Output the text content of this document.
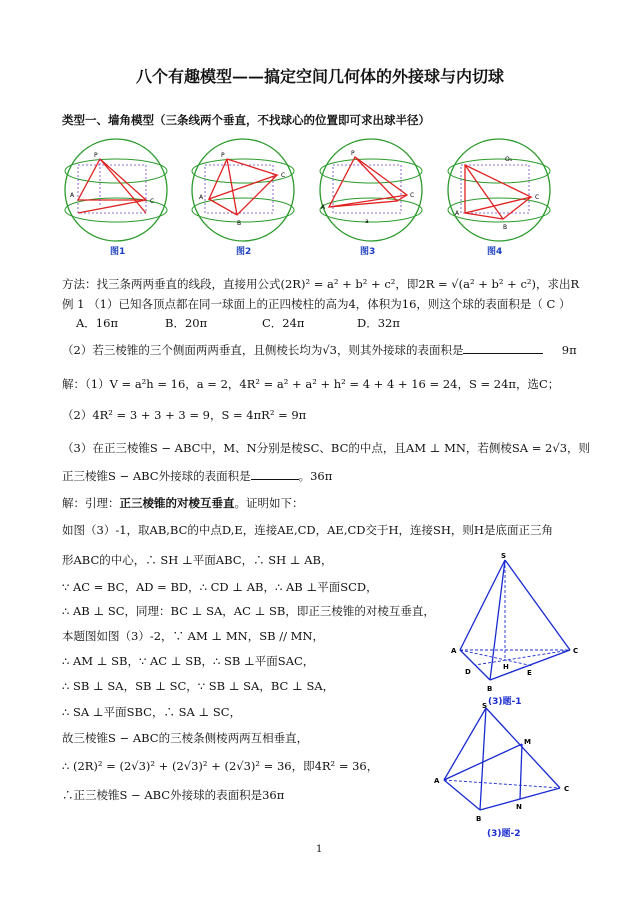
八个有趣模型——搞定空间几何体的外接球与内切球
类型一、墙角模型（三条线两个垂直，不找球心的位置即可求出球半径）
P
C
A
图1
P
C
A
B
图2
P
C
A
a
图3
O₁
C
A
B
图4
方法：找三条两两垂直的线段，直接用公式(2R)² = a² + b² + c²，即2R = √(a² + b² + c²)，求出R
例 1 （1）已知各顶点都在同一球面上的正四棱柱的高为4，体积为16，则这个球的表面积是（ C ）
A．16π	B．20π	C．24π	D．32π
（2）若三棱锥的三个侧面两两垂直，且侧棱长均为√3，则其外接球的表面积是	9π
解：（1）V = a²h = 16，a = 2，4R² = a² + a² + h² = 4 + 4 + 16 = 24，S = 24π，选C；
（2）4R² = 3 + 3 + 3 = 9，S = 4πR² = 9π
（3）在正三棱锥S − ABC中，M、N分别是棱SC、BC的中点，且AM ⊥ MN，若侧棱SA = 2√3，则
正三棱锥S − ABC外接球的表面积是	。36π
解：引理：正三棱锥的对棱互垂直。证明如下：
如图（3）-1，取AB,BC的中点D,E，连接AE,CD，AE,CD交于H，连接SH，则H是底面正三角
形ABC的中心，∴ SH ⊥平面ABC，∴ SH ⊥ AB，
∵ AC = BC，AD = BD，∴ CD ⊥ AB，∴ AB ⊥平面SCD，
∴ AB ⊥ SC，同理：BC ⊥ SA，AC ⊥ SB，即正三棱锥的对棱互垂直，
本题图如图（3）-2，∵ AM ⊥ MN，SB // MN，
∴ AM ⊥ SB，∵ AC ⊥ SB，∴ SB ⊥平面SAC，
∴ SB ⊥ SA，SB ⊥ SC，∵ SB ⊥ SA，BC ⊥ SA，
∴ SA ⊥平面SBC，∴ SA ⊥ SC，
故三棱锥S − ABC的三棱条侧棱两两互相垂直，
∴ (2R)² = (2√3)² + (2√3)² + (2√3)² = 36，即4R² = 36，
∴正三棱锥S − ABC外接球的表面积是36π
S
A	C
D
H
E
B
(3)题-1
S
M
A
C
N
B
(3)题-2
1
